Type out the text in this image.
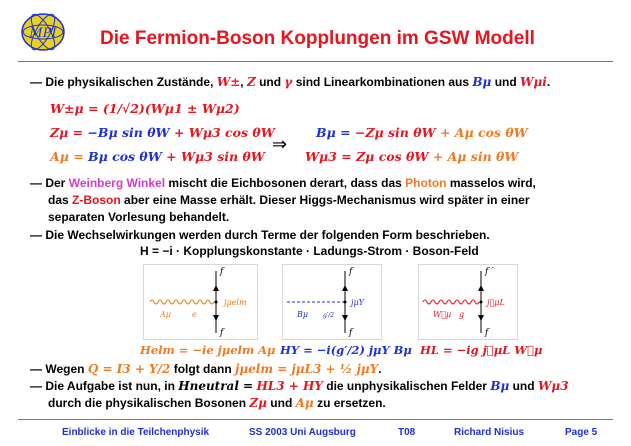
MPI Die Fermion-Boson Kopplungen im GSW Modell
— Die physikalischen Zustände, W±, Z und γ sind Linearkombinationen aus Bμ und Wμi.
W±μ = (1/√2)(Wμ1 ± Wμ2)
Zμ = −Bμ sin θW + Wμ3 cos θW
Aμ = Bμ cos θW + Wμ3 sin θW
⇒
Bμ = −Zμ sin θW + Aμ cos θW
Wμ3 = Zμ cos θW + Aμ sin θW
— Der Weinberg Winkel mischt die Eichbosonen derart, dass das Photon masselos wird,
das Z-Boson aber eine Masse erhält. Dieser Higgs-Mechanismus wird später in einer
separaten Vorlesung behandelt.
— Die Wechselwirkungen werden durch Terme der folgenden Form beschrieben.
H = −i · Kopplungskonstante · Ladungs-Strom · Boson-Feld
f
f
jμelm
Aμ	e
f
f
jμY
Bμ g′/2
f ′
f
j⃗μL
W⃗μ g
Helm = −ie jμelm Aμ HY = −i(g′/2) jμY Bμ HL = −ig j⃗μL W⃗μ
— Wegen Q = I3 + Y/2 folgt dann jμelm = jμL3 + ½ jμY.
— Die Aufgabe ist nun, in Hneutral = HL3 + HY die unphysikalischen Felder Bμ und Wμ3
durch die physikalischen Bosonen Zμ und Aμ zu ersetzen.
Einblicke in die Teilchenphysik	SS 2003 Uni Augsburg	T08	Richard Nisius	Page 5
